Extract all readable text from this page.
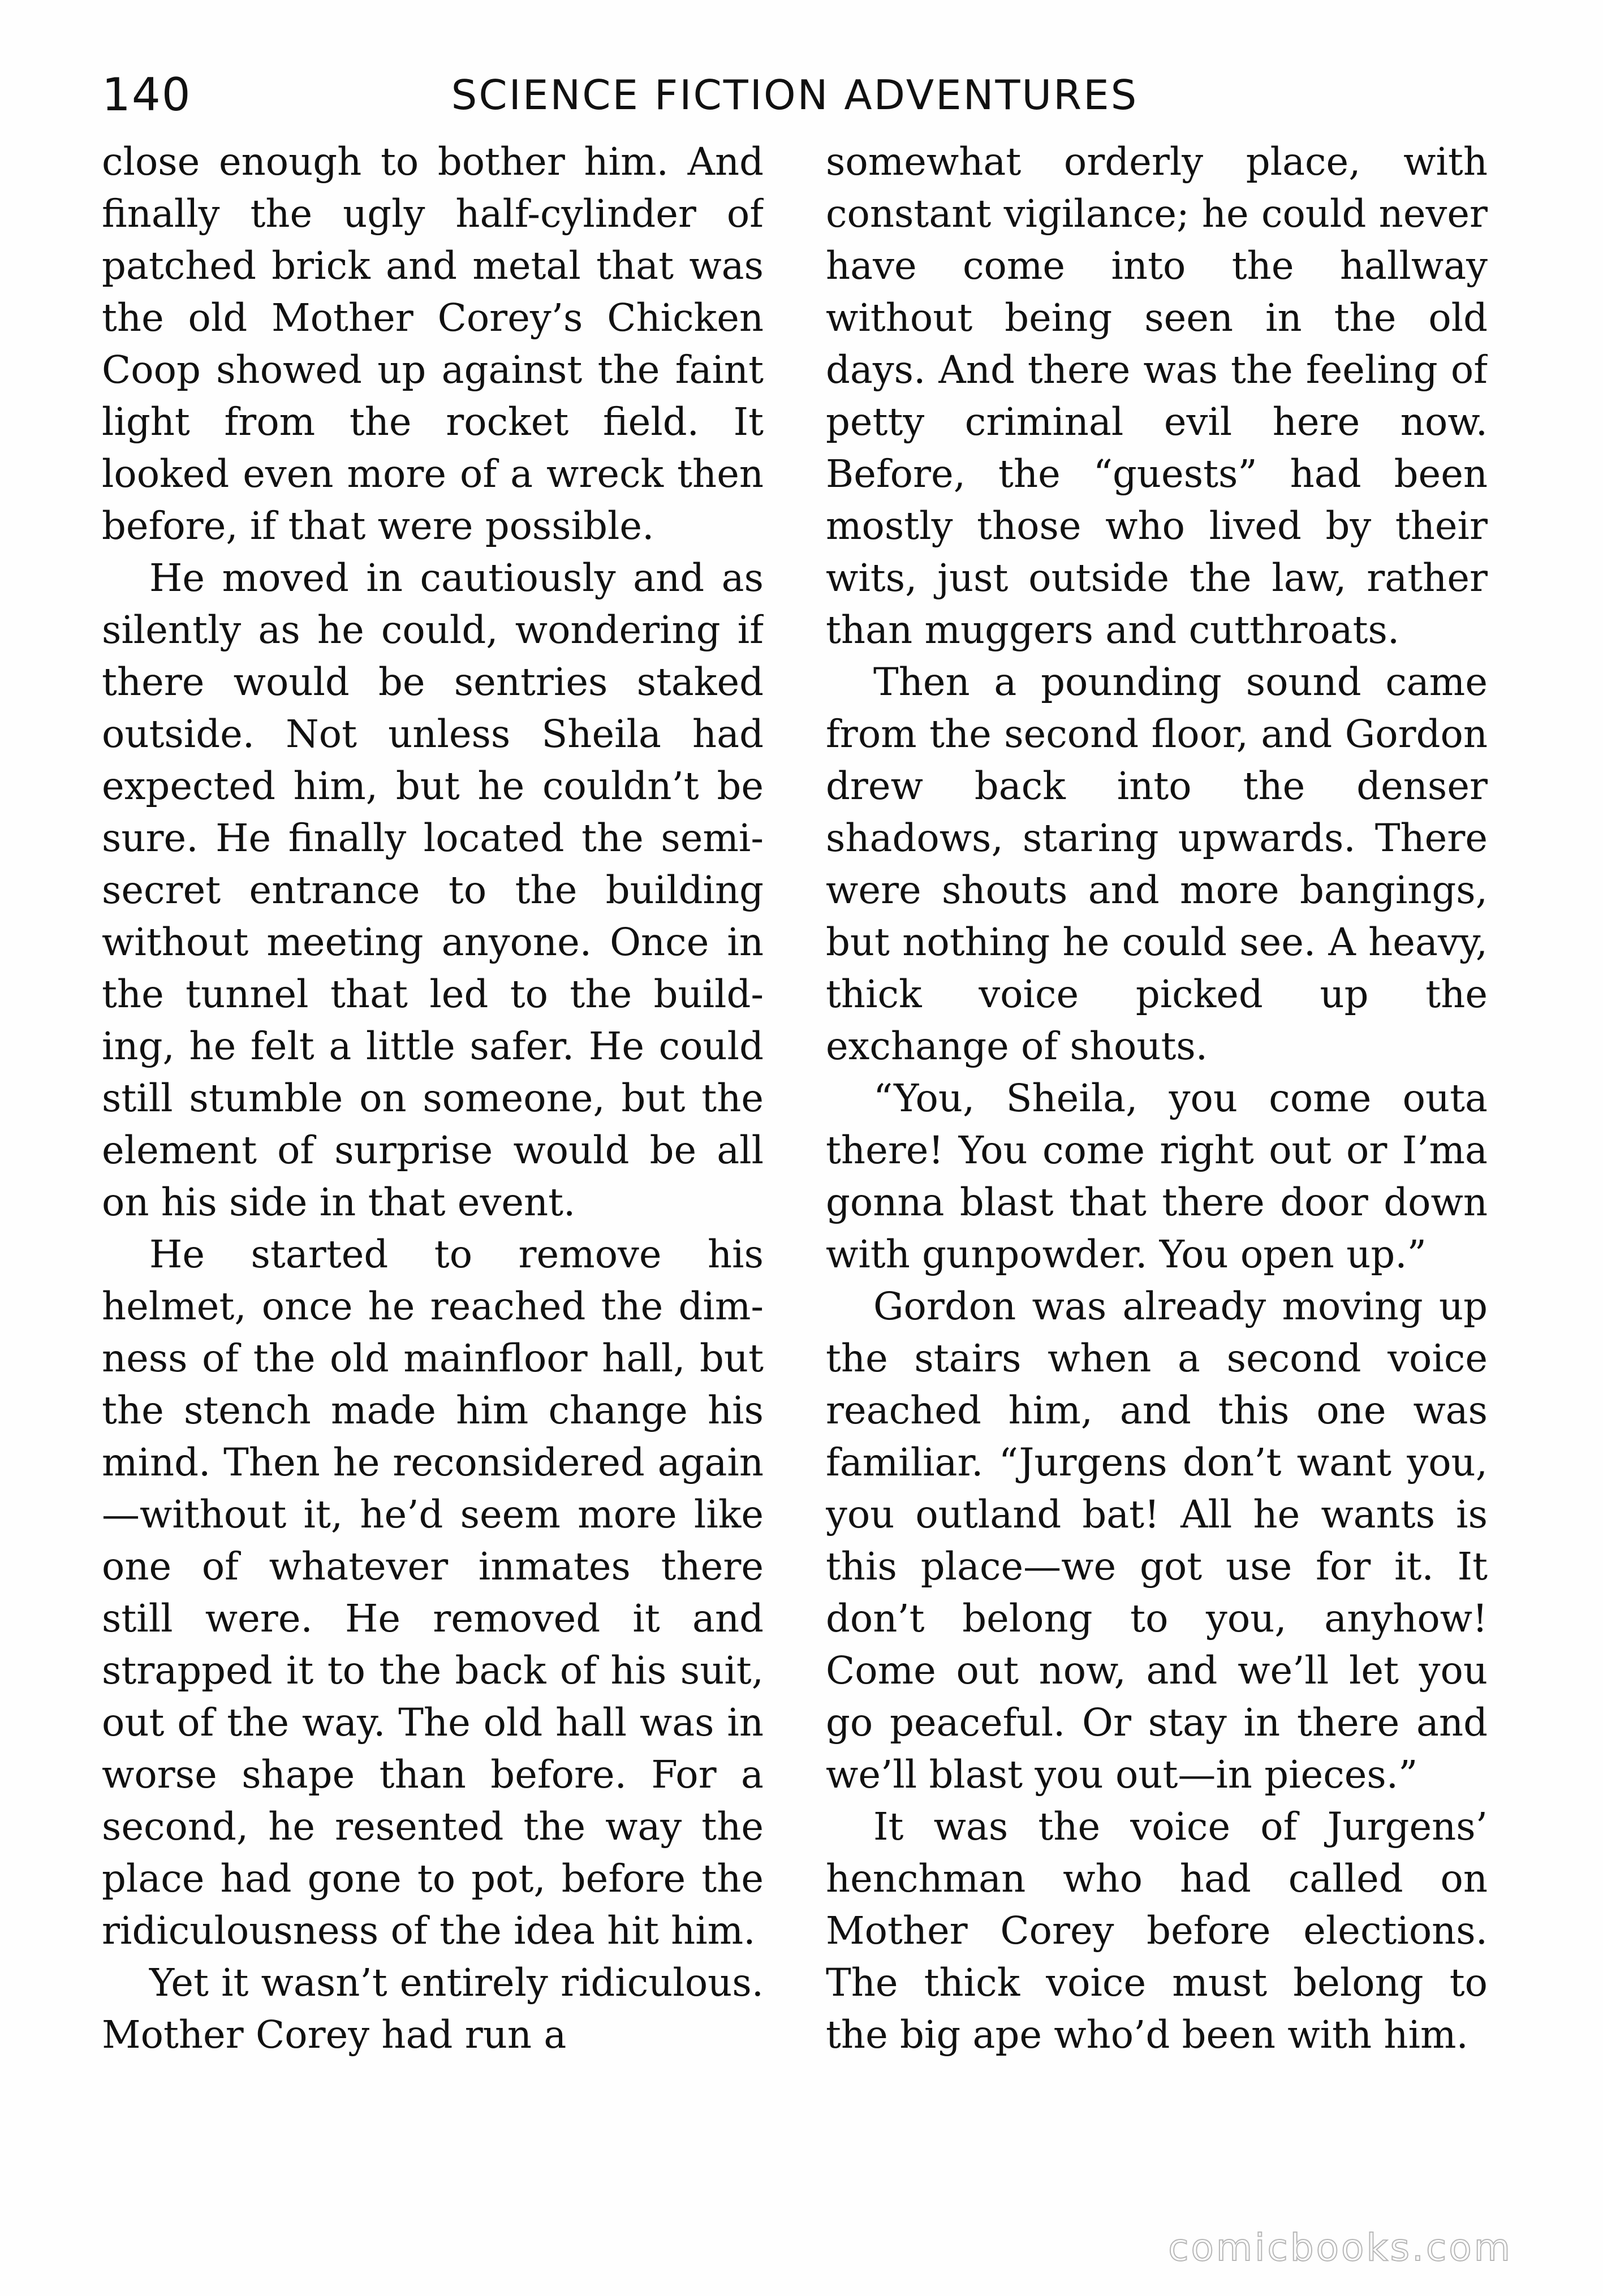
140	SCIENCE FICTION ADVENTURES

close enough to bother him. And finally the ugly half-cylinder of patched brick and metal that was the old Mother Corey’s Chicken Coop showed up against the faint light from the rocket field. It looked even more of a wreck then before, if that were possible.

He moved in cautiously and as silently as he could, wondering if there would be sentries staked outside. Not unless Sheila had expected him, but he couldn’t be sure. He finally located the semi-secret entrance to the building without meeting anyone. Once in the tunnel that led to the building, he felt a little safer. He could still stumble on someone, but the element of surprise would be all on his side in that event.

He started to remove his helmet, once he reached the dimness of the old mainfloor hall, but the stench made him change his mind. Then he reconsidered again—without it, he’d seem more like one of whatever inmates there still were. He removed it and strapped it to the back of his suit, out of the way. The old hall was in worse shape than before. For a second, he resented the way the place had gone to pot, before the ridiculousness of the idea hit him.

Yet it wasn’t entirely ridiculous. Mother Corey had run a

somewhat orderly place, with constant vigilance; he could never have come into the hallway without being seen in the old days. And there was the feeling of petty criminal evil here now. Before, the “guests” had been mostly those who lived by their wits, just outside the law, rather than muggers and cutthroats.

Then a pounding sound came from the second floor, and Gordon drew back into the denser shadows, staring upwards. There were shouts and more bangings, but nothing he could see. A heavy, thick voice picked up the exchange of shouts.

“You, Sheila, you come outa there! You come right out or I’ma gonna blast that there door down with gunpowder. You open up.”

Gordon was already moving up the stairs when a second voice reached him, and this one was familiar. “Jurgens don’t want you, you outland bat! All he wants is this place—we got use for it. It don’t belong to you, anyhow! Come out now, and we’ll let you go peaceful. Or stay in there and we’ll blast you out—in pieces.”

It was the voice of Jurgens’ henchman who had called on Mother Corey before elections. The thick voice must belong to the big ape who’d been with him.

comicbooks.com
